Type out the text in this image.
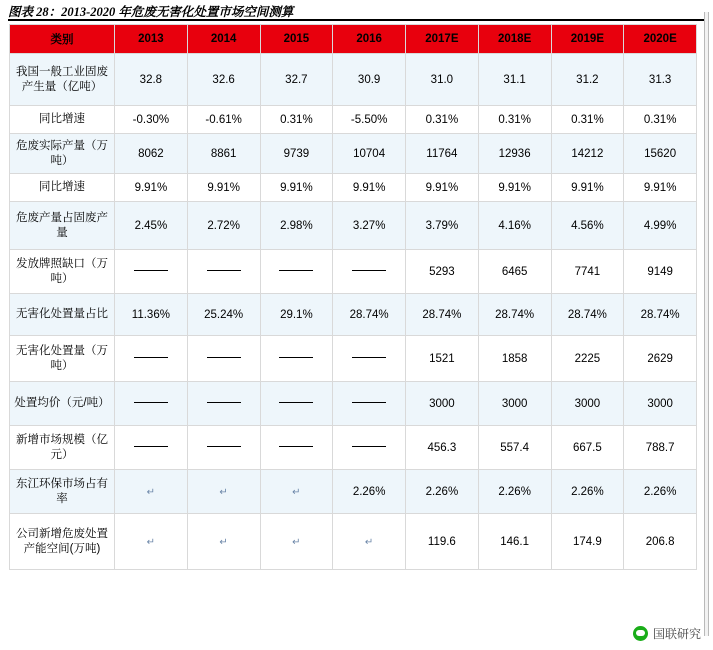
图表 28：2013-2020 年危废无害化处置市场空间测算
类别	2013	2014	2015	2016	2017E	2018E	2019E	2020E
我国一般工业固废产生量（亿吨）	32.8	32.6	32.7	30.9	31.0	31.1	31.2	31.3
同比增速	-0.30%	-0.61%	0.31%	-5.50%	0.31%	0.31%	0.31%	0.31%
危废实际产量（万吨）	8062	8861	9739	10704	11764	12936	14212	15620
同比增速	9.91%	9.91%	9.91%	9.91%	9.91%	9.91%	9.91%	9.91%
危废产量占固废产量	2.45%	2.72%	2.98%	3.27%	3.79%	4.16%	4.56%	4.99%
发放牌照缺口（万吨）					5293	6465	7741	9149
无害化处置量占比	11.36%	25.24%	29.1%	28.74%	28.74%	28.74%	28.74%	28.74%
无害化处置量（万吨）					1521	1858	2225	2629
处置均价（元/吨）					3000	3000	3000	3000
新增市场规模（亿元）					456.3	557.4	667.5	788.7
东江环保市场占有率	↵	↵	↵	2.26%	2.26%	2.26%	2.26%	2.26%
公司新增危废处置产能空间(万吨)	↵	↵	↵	↵	119.6	146.1	174.9	206.8
国联研究
